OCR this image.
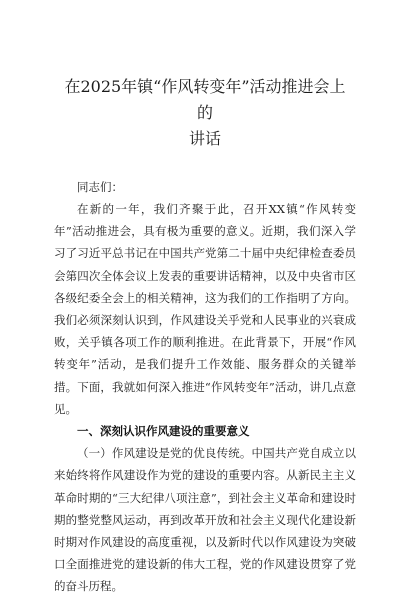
在2025年镇“作风转变年”活动推进会上的
讲话

同志们：

在新的一年，我们齐聚于此，召开XX镇“作风转变年”活动推进会，具有极为重要的意义。近期，我们深入学习了习近平总书记在中国共产党第二十届中央纪律检查委员会第四次全体会议上发表的重要讲话精神，以及中央省市区各级纪委全会上的相关精神，这为我们的工作指明了方向。我们必须深刻认识到，作风建设关乎党和人民事业的兴衰成败，关乎镇各项工作的顺利推进。在此背景下，开展“作风转变年”活动，是我们提升工作效能、服务群众的关键举措。下面，我就如何深入推进“作风转变年”活动，讲几点意见。

一、深刻认识作风建设的重要意义

（一）作风建设是党的优良传统。中国共产党自成立以来始终将作风建设作为党的建设的重要内容。从新民主主义革命时期的“三大纪律八项注意”，到社会主义革命和建设时期的整党整风运动，再到改革开放和社会主义现代化建设新时期对作风建设的高度重视，以及新时代以作风建设为突破口全面推进党的建设新的伟大工程，党的作风建设贯穿了党的奋斗历程。
